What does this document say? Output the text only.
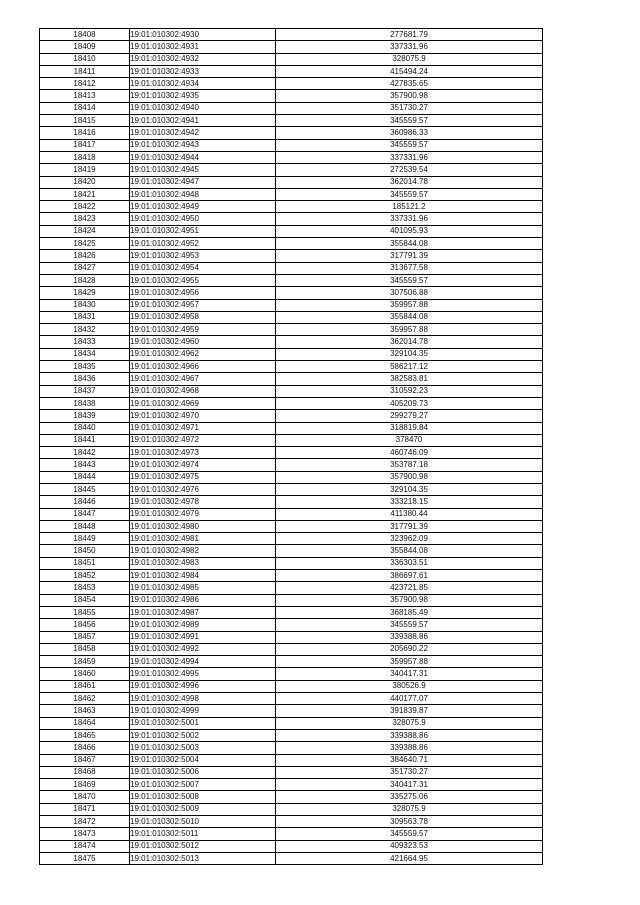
18408	19:01:010302:4930	277681.79
18409	19:01:010302:4931	337331.96
18410	19:01:010302:4932	328075.9
18411	19:01:010302:4933	415494.24
18412	19:01:010302:4934	427835.65
18413	19:01:010302:4935	357900.98
18414	19:01:010302:4940	351730.27
18415	19:01:010302:4941	345559.57
18416	19:01:010302:4942	360986.33
18417	19:01:010302:4943	345559.57
18418	19:01:010302:4944	337331.96
18419	19:01:010302:4945	272539.54
18420	19:01:010302:4947	362014.78
18421	19:01:010302:4948	345559.57
18422	19:01:010302:4949	185121.2
18423	19:01:010302:4950	337331.96
18424	19:01:010302:4951	401095.93
18425	19:01:010302:4952	355844.08
18426	19:01:010302:4953	317791.39
18427	19:01:010302:4954	313677.58
18428	19:01:010302:4955	345559.57
18429	19:01:010302:4956	307506.88
18430	19:01:010302:4957	359957.88
18431	19:01:010302:4958	355844.08
18432	19:01:010302:4959	359957.88
18433	19:01:010302:4960	362014.78
18434	19:01:010302:4962	329104.35
18435	19:01:010302:4966	586217.12
18436	19:01:010302:4967	382583.81
18437	19:01:010302:4968	310592.23
18438	19:01:010302:4969	405209.73
18439	19:01:010302:4970	299279.27
18440	19:01:010302:4971	318819.84
18441	19:01:010302:4972	378470
18442	19:01:010302:4973	460746.09
18443	19:01:010302:4974	353787.18
18444	19:01:010302:4975	357900.98
18445	19:01:010302:4976	329104.35
18446	19:01:010302:4978	333218.15
18447	19:01:010302:4979	411380.44
18448	19:01:010302:4980	317791.39
18449	19:01:010302:4981	323962.09
18450	19:01:010302:4982	355844.08
18451	19:01:010302:4983	336303.51
18452	19:01:010302:4984	386697.61
18453	19:01:010302:4985	423721.85
18454	19:01:010302:4986	357900.98
18455	19:01:010302:4987	368185.49
18456	19:01:010302:4989	345559.57
18457	19:01:010302:4991	339388.86
18458	19:01:010302:4992	205690.22
18459	19:01:010302:4994	359957.88
18460	19:01:010302:4995	340417.31
18461	19:01:010302:4996	380526.9
18462	19:01:010302:4998	440177.07
18463	19:01:010302:4999	391839.87
18464	19:01:010302:5001	328075.9
18465	19:01:010302:5002	339388.86
18466	19:01:010302:5003	339388.86
18467	19:01:010302:5004	384640.71
18468	19:01:010302:5006	351730.27
18469	19:01:010302:5007	340417.31
18470	19:01:010302:5008	335275.06
18471	19:01:010302:5009	328075.9
18472	19:01:010302:5010	309563.78
18473	19:01:010302:5011	345559.57
18474	19:01:010302:5012	409323.53
18475	19:01:010302:5013	421664.95
